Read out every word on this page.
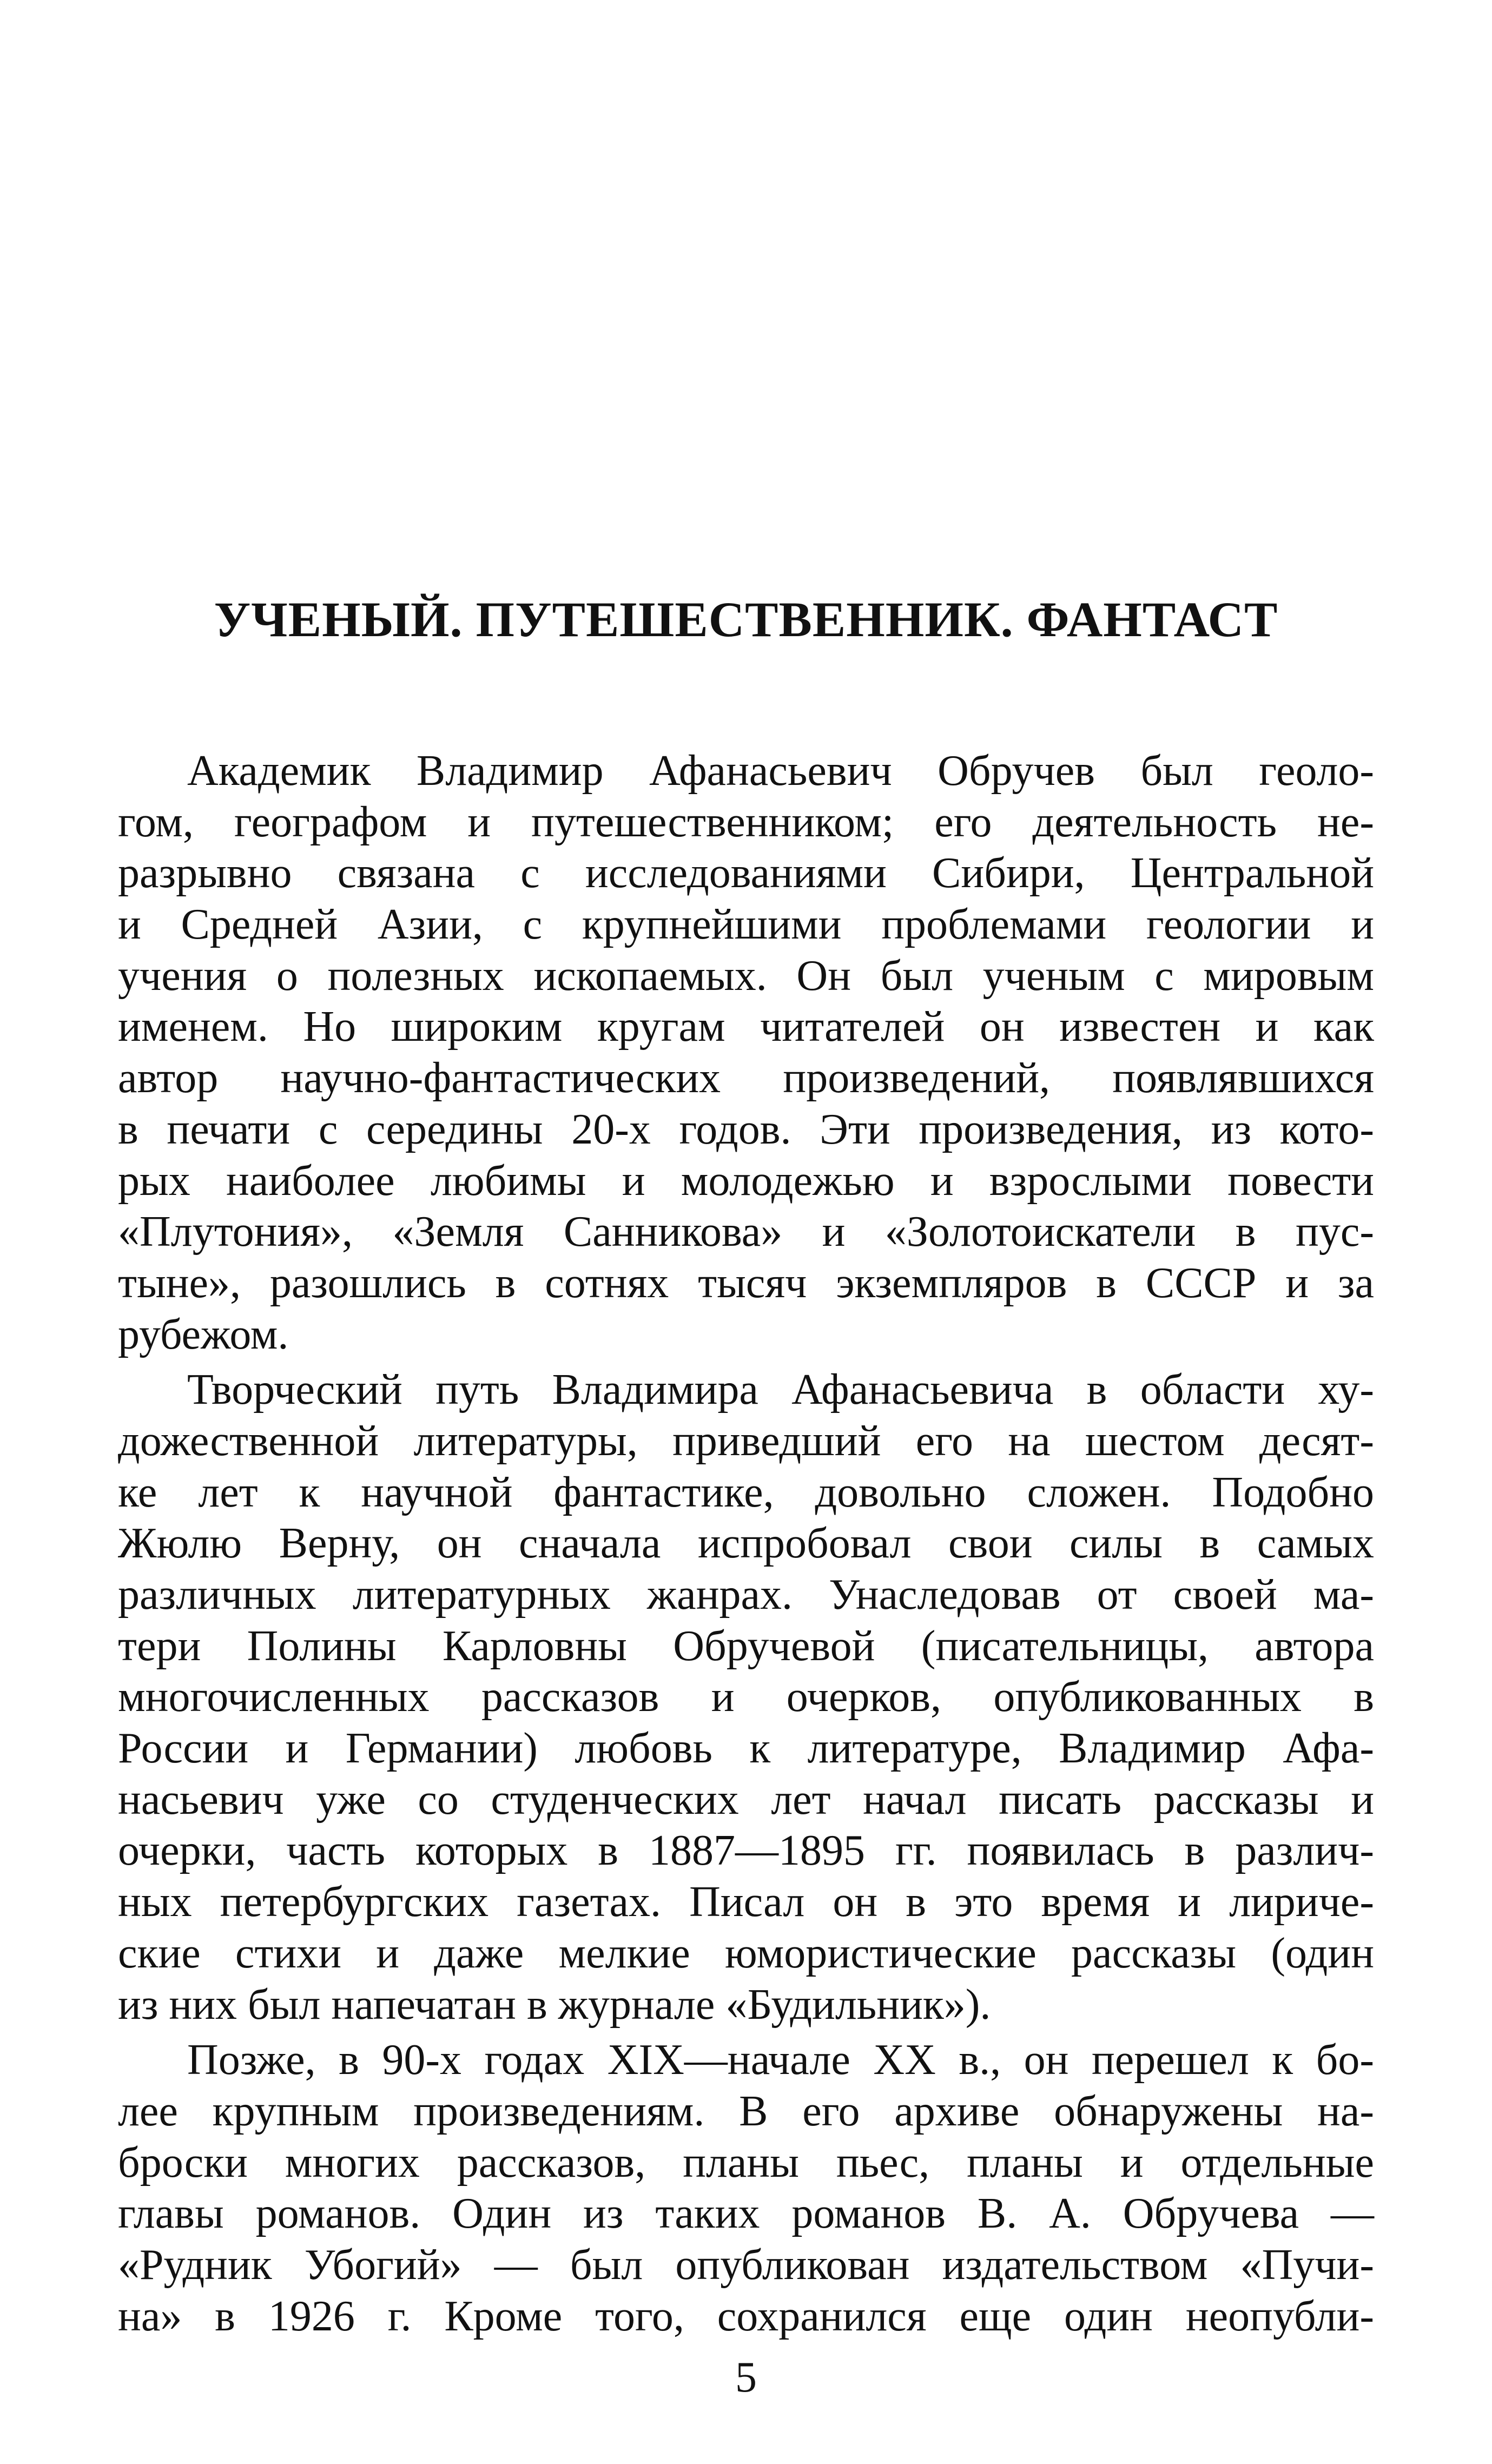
УЧЕНЫЙ. ПУТЕШЕСТВЕННИК. ФАНТАСТ
Академик Владимир Афанасьевич Обручев был геоло-
гом, географом и путешественником; его деятельность не-
разрывно связана с исследованиями Сибири, Центральной
и Средней Азии, с крупнейшими проблемами геологии и
учения о полезных ископаемых. Он был ученым с мировым
именем. Но широким кругам читателей он известен и как
автор научно-фантастических произведений, появлявшихся
в печати с середины 20-х годов. Эти произведения, из кото-
рых наиболее любимы и молодежью и взрослыми повести
«Плутония», «Земля Санникова» и «Золотоискатели в пус-
тыне», разошлись в сотнях тысяч экземпляров в СССР и за
рубежом.
Творческий путь Владимира Афанасьевича в области ху-
дожественной литературы, приведший его на шестом десят-
ке лет к научной фантастике, довольно сложен. Подобно
Жюлю Верну, он сначала испробовал свои силы в самых
различных литературных жанрах. Унаследовав от своей ма-
тери Полины Карловны Обручевой (писательницы, автора
многочисленных рассказов и очерков, опубликованных в
России и Германии) любовь к литературе, Владимир Афа-
насьевич уже со студенческих лет начал писать рассказы и
очерки, часть которых в 1887—1895 гг. появилась в различ-
ных петербургских газетах. Писал он в это время и лириче-
ские стихи и даже мелкие юмористические рассказы (один
из них был напечатан в журнале «Будильник»).
Позже, в 90-х годах XIX—начале XX в., он перешел к бо-
лее крупным произведениям. В его архиве обнаружены на-
броски многих рассказов, планы пьес, планы и отдельные
главы романов. Один из таких романов В. А. Обручева —
«Рудник Убогий» — был опубликован издательством «Пучи-
на» в 1926 г. Кроме того, сохранился еще один неопубли-
5
